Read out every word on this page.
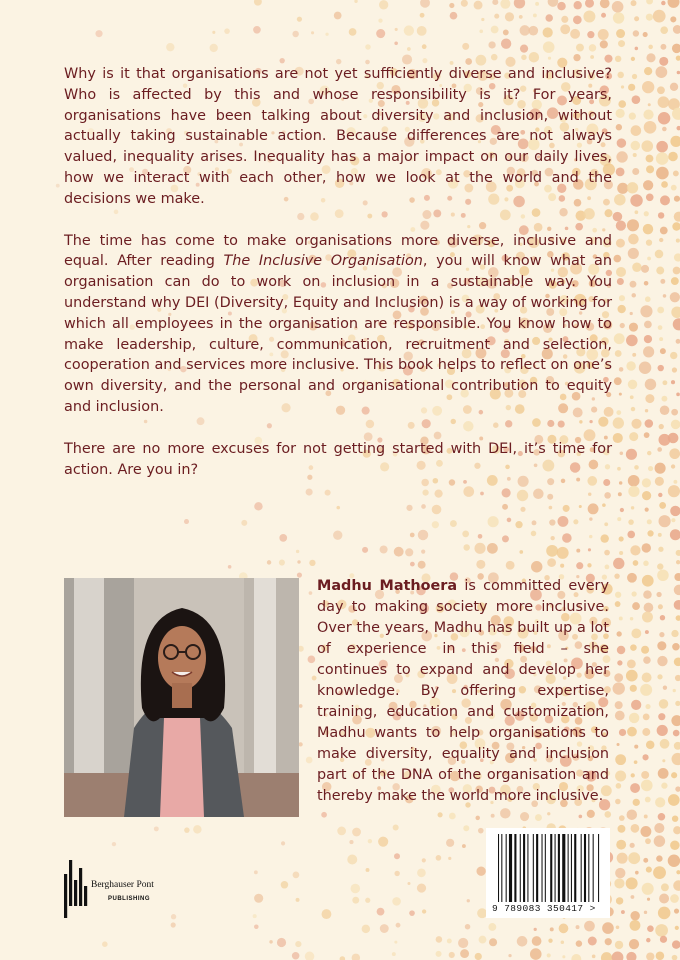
Why is it that organisations are not yet sufficiently diverse and inclusive? Who is affected by this and whose responsibility is it? For years, organisations have been talking about diversity and inclusion, without actually taking sustainable action. Because differences are not always valued, inequality arises. Inequality has a major impact on our daily lives, how we interact with each other, how we look at the world and the decisions we make.

The time has come to make organisations more diverse, inclusive and equal. After reading The Inclusive Organisation, you will know what an organisation can do to work on inclusion in a sustainable way. You understand why DEI (Diversity, Equity and Inclusion) is a way of working for which all employees in the organisation are responsible. You know how to make leadership, culture, communication, recruitment and selection, cooperation and services more inclusive. This book helps to reflect on one’s own diversity, and the personal and organisational contribution to equity and inclusion.

There are no more excuses for not getting started with DEI, it’s time for action. Are you in?

Madhu Mathoera is committed every day to making society more inclusive. Over the years, Madhu has built up a lot of experience in this field – she continues to expand and develop her knowledge. By offering expertise, training, education and customization, Madhu wants to help organisations to make diversity, equality and inclusion part of the DNA of the organisation and thereby make the world more inclusive.
Berghauser Pont
PUBLISHING
9 789083 350417 >
